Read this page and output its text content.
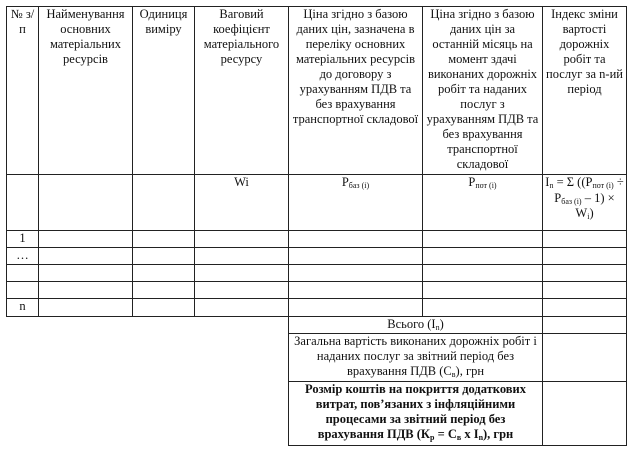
№ з/п	Найменування основних матеріальних ресурсів	Одиниця виміру	Ваговий коефіцієнт матеріального ресурсу	Ціна згідно з базою даних цін, зазначена в переліку основних матеріальних ресурсів до договору з урахуванням ПДВ та без врахування транспортної складової	Ціна згідно з базою даних цін за останній місяць на момент здачі виконаних дорожніх робіт та наданих послуг з урахуванням ПДВ та без врахування транспортної складової	Індекс зміни вартості дорожніх робіт та послуг за n-ий період
			Wi	$P_{баз (і)}$	$P_{пот (і)}$	$I_n = \Sigma$ $((P_{пот (і)} \div P_{баз (і)} - 1) \times W_і)$
1						
…						

n						
				Всього $(I_n)$		
				Загальна вартість виконаних дорожніх робіт і наданих послуг за звітний період без врахування ПДВ $(С_в)$, грн		
				Розмір коштів на покриття додаткових витрат, пов’язаних з інфляційними процесами за звітний період без врахування ПДВ ($К_р = С_в$ х $I_n$), грн		
